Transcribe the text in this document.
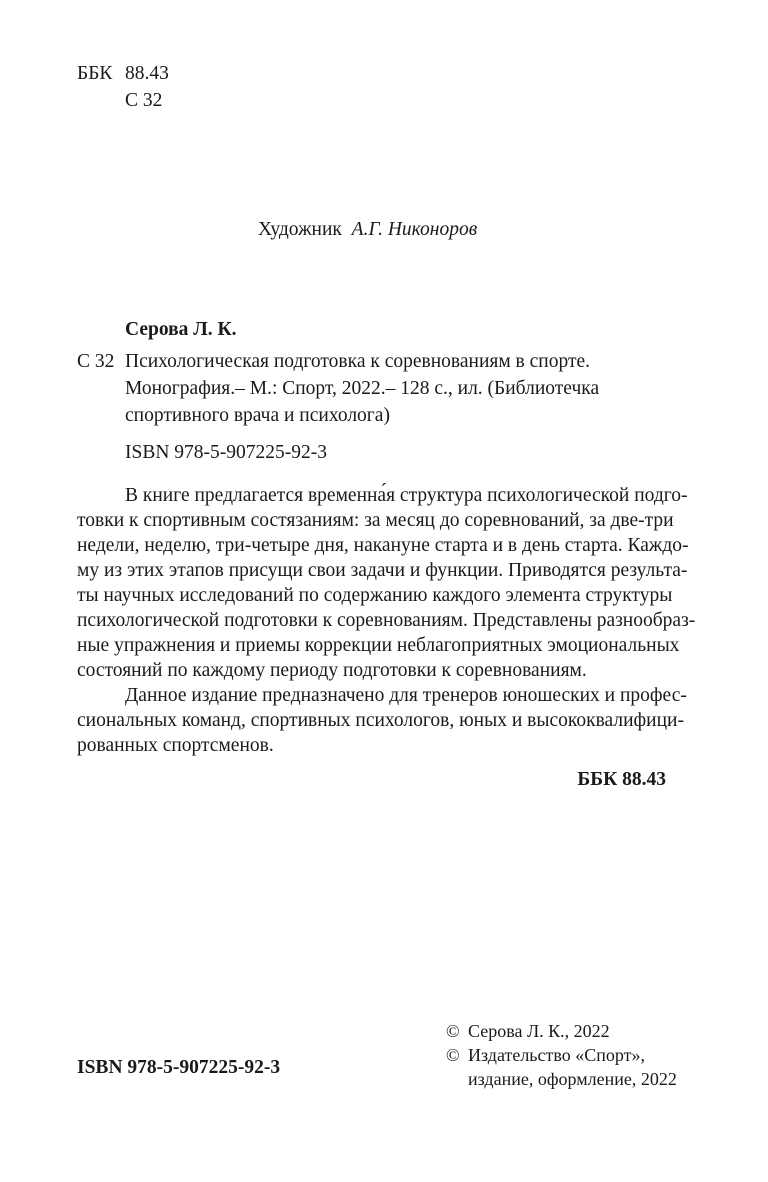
ББК 88.43
С 32
Художник А.Г. Никоноров
Серова Л. К.
С 32 Психологическая подготовка к соревнованиям в спорте.
Монография.– М.: Спорт, 2022.– 128 с., ил. (Библиотечка
спортивного врача и психолога)
ISBN 978-5-907225-92-3
В книге предлагается временна́я структура психологической подго-
товки к спортивным состязаниям: за месяц до соревнований, за две-три
недели, неделю, три-четыре дня, накануне старта и в день старта. Каждо-
му из этих этапов присущи свои задачи и функции. Приводятся результа-
ты научных исследований по содержанию каждого элемента структуры
психологической подготовки к соревнованиям. Представлены разнообраз-
ные упражнения и приемы коррекции неблагоприятных эмоциональных
состояний по каждому периоду подготовки к соревнованиям.
Данное издание предназначено для тренеров юношеских и профес-
сиональных команд, спортивных психологов, юных и высококвалифици-
рованных спортсменов.
ББК 88.43
© Серова Л. К., 2022
© Издательство «Спорт»,
издание, оформление, 2022
ISBN 978-5-907225-92-3
